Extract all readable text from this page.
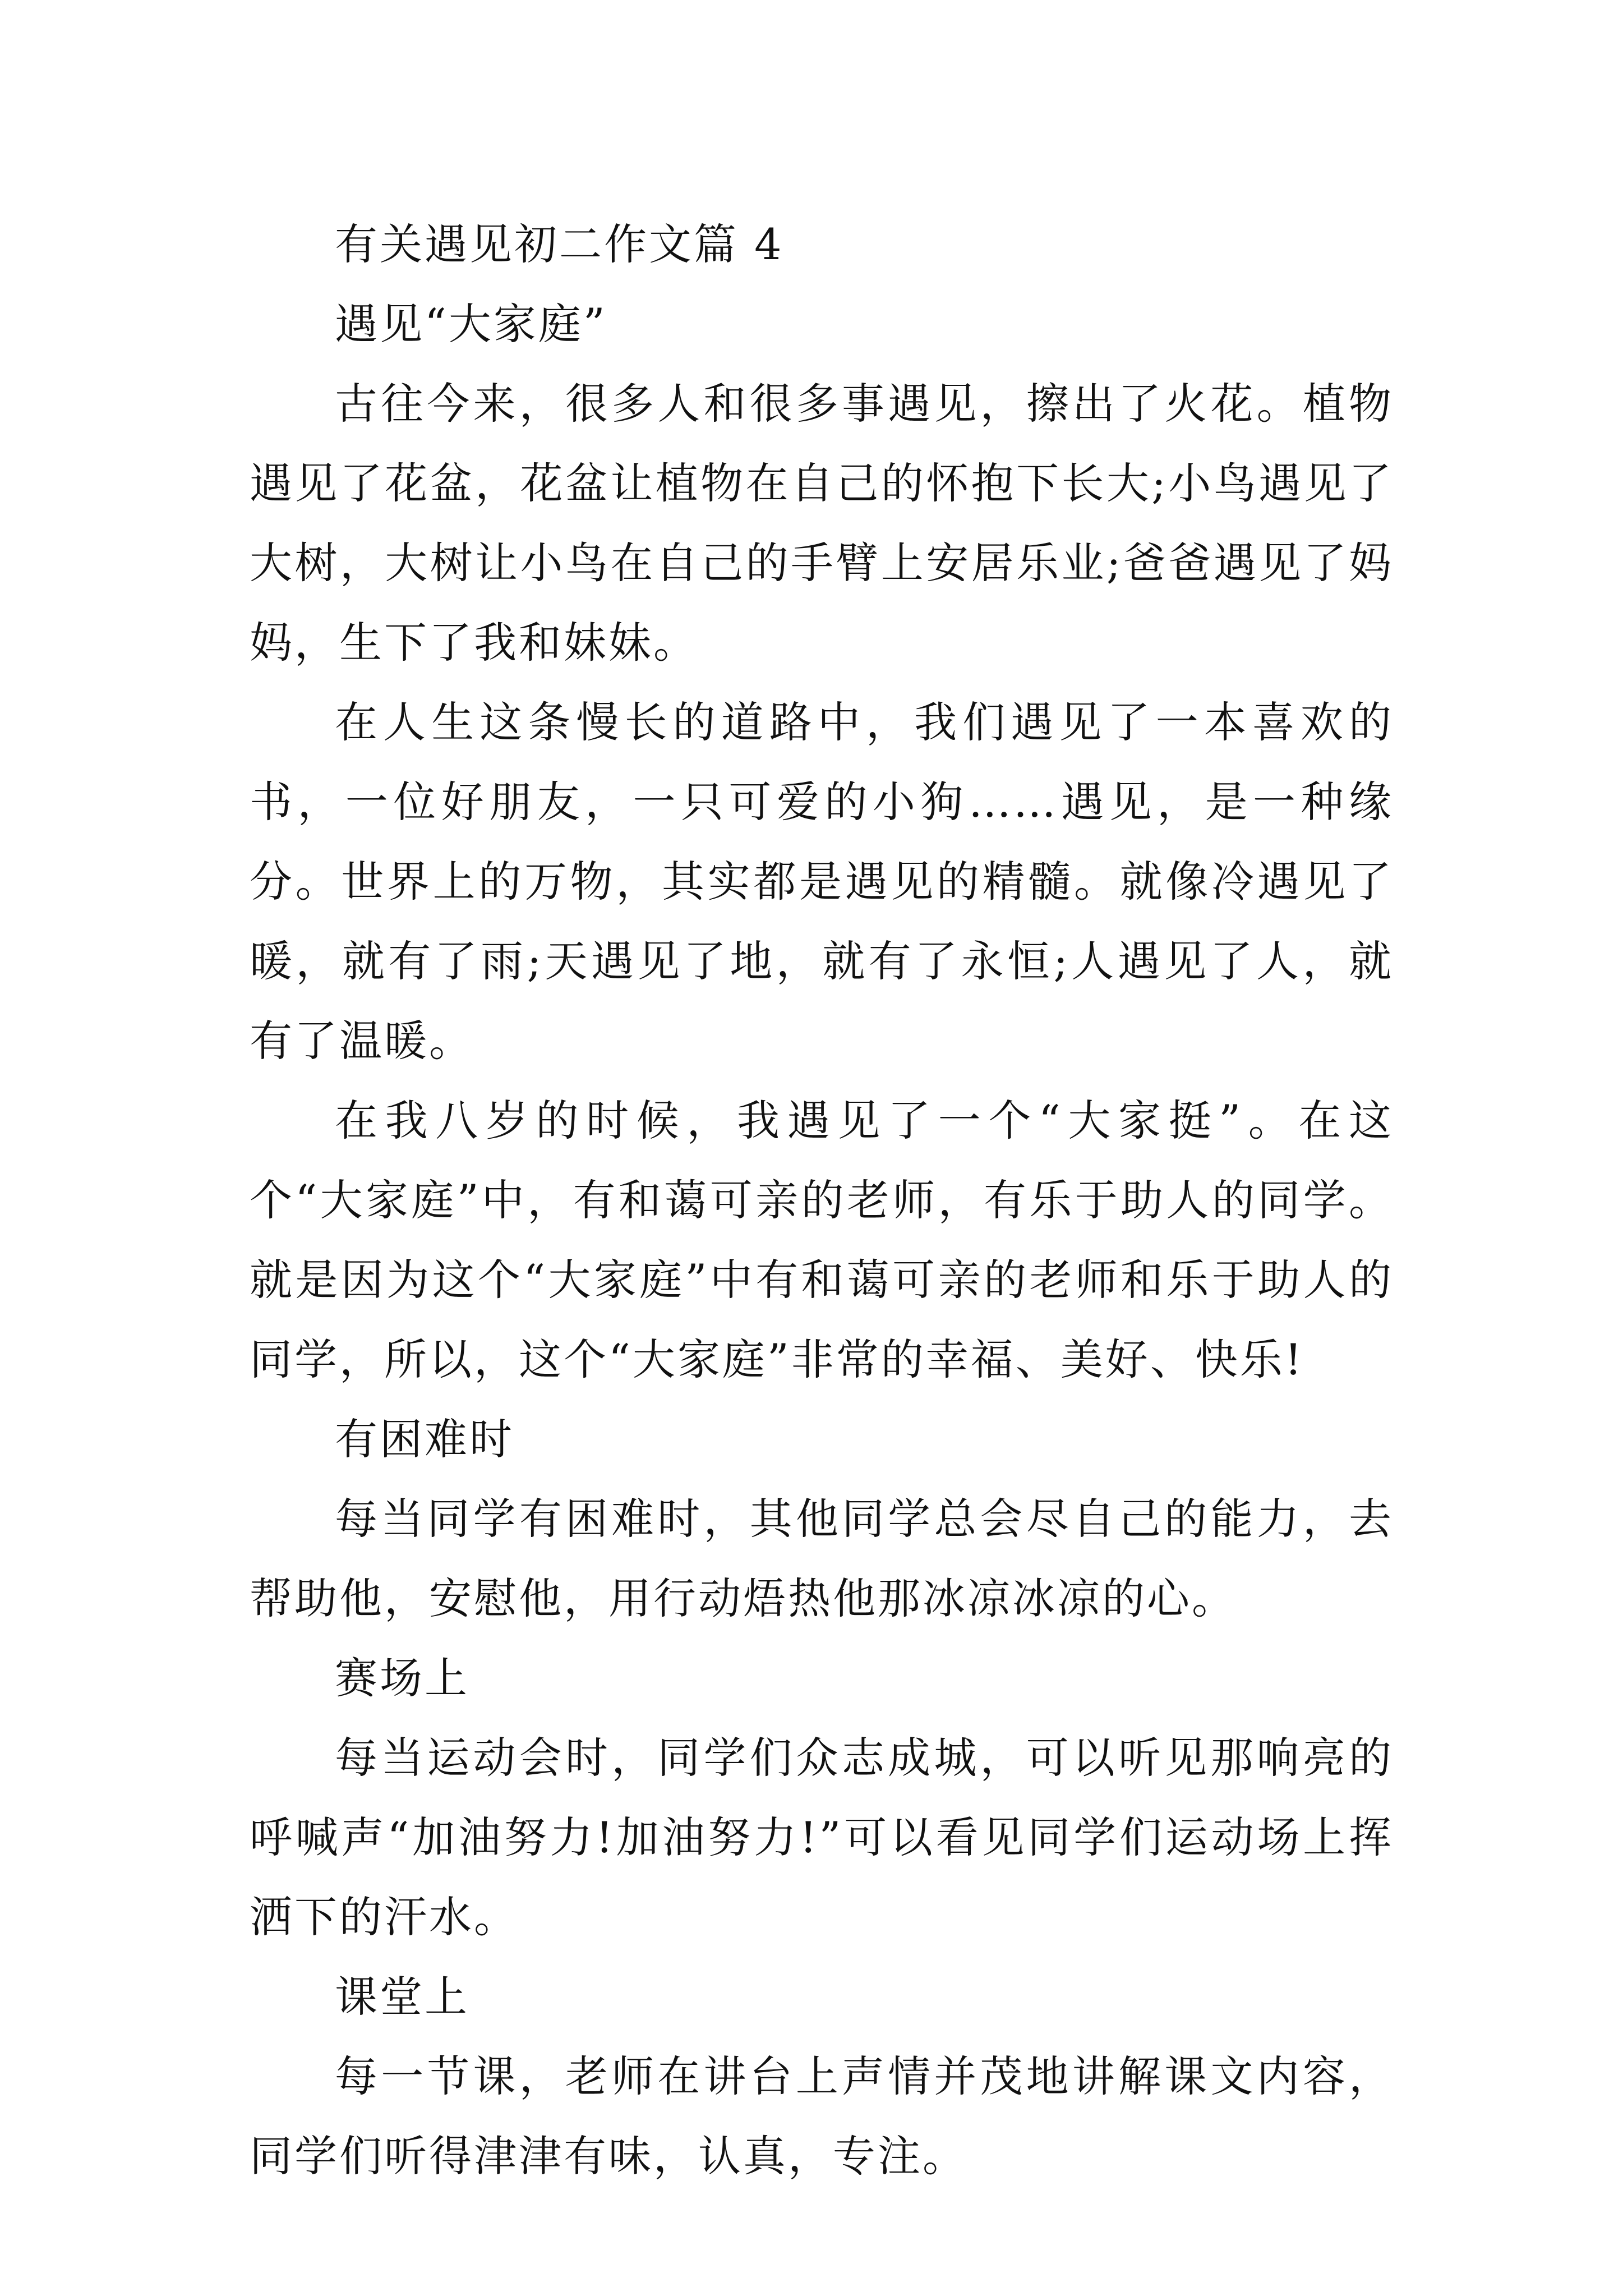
有关遇见初二作文篇 4

遇见“大家庭”

古往今来，很多人和很多事遇见，擦出了火花。植物遇见了花盆，花盆让植物在自己的怀抱下长大;小鸟遇见了大树，大树让小鸟在自己的手臂上安居乐业;爸爸遇见了妈妈，生下了我和妹妹。

在人生这条慢长的道路中，我们遇见了一本喜欢的书，一位好朋友，一只可爱的小狗……遇见，是一种缘分。世界上的万物，其实都是遇见的精髓。就像冷遇见了暖，就有了雨;天遇见了地，就有了永恒;人遇见了人，就有了温暖。

在我八岁的时候，我遇见了一个“大家挺”。在这个“大家庭”中，有和蔼可亲的老师，有乐于助人的同学。就是因为这个“大家庭”中有和蔼可亲的老师和乐于助人的同学，所以，这个“大家庭”非常的幸福、美好、快乐!

有困难时

每当同学有困难时，其他同学总会尽自己的能力，去帮助他，安慰他，用行动焐热他那冰凉冰凉的心。

赛场上

每当运动会时，同学们众志成城，可以听见那响亮的呼喊声“加油努力!加油努力!”可以看见同学们运动场上挥洒下的汗水。

课堂上

每一节课，老师在讲台上声情并茂地讲解课文内容，同学们听得津津有味，认真，专注。
